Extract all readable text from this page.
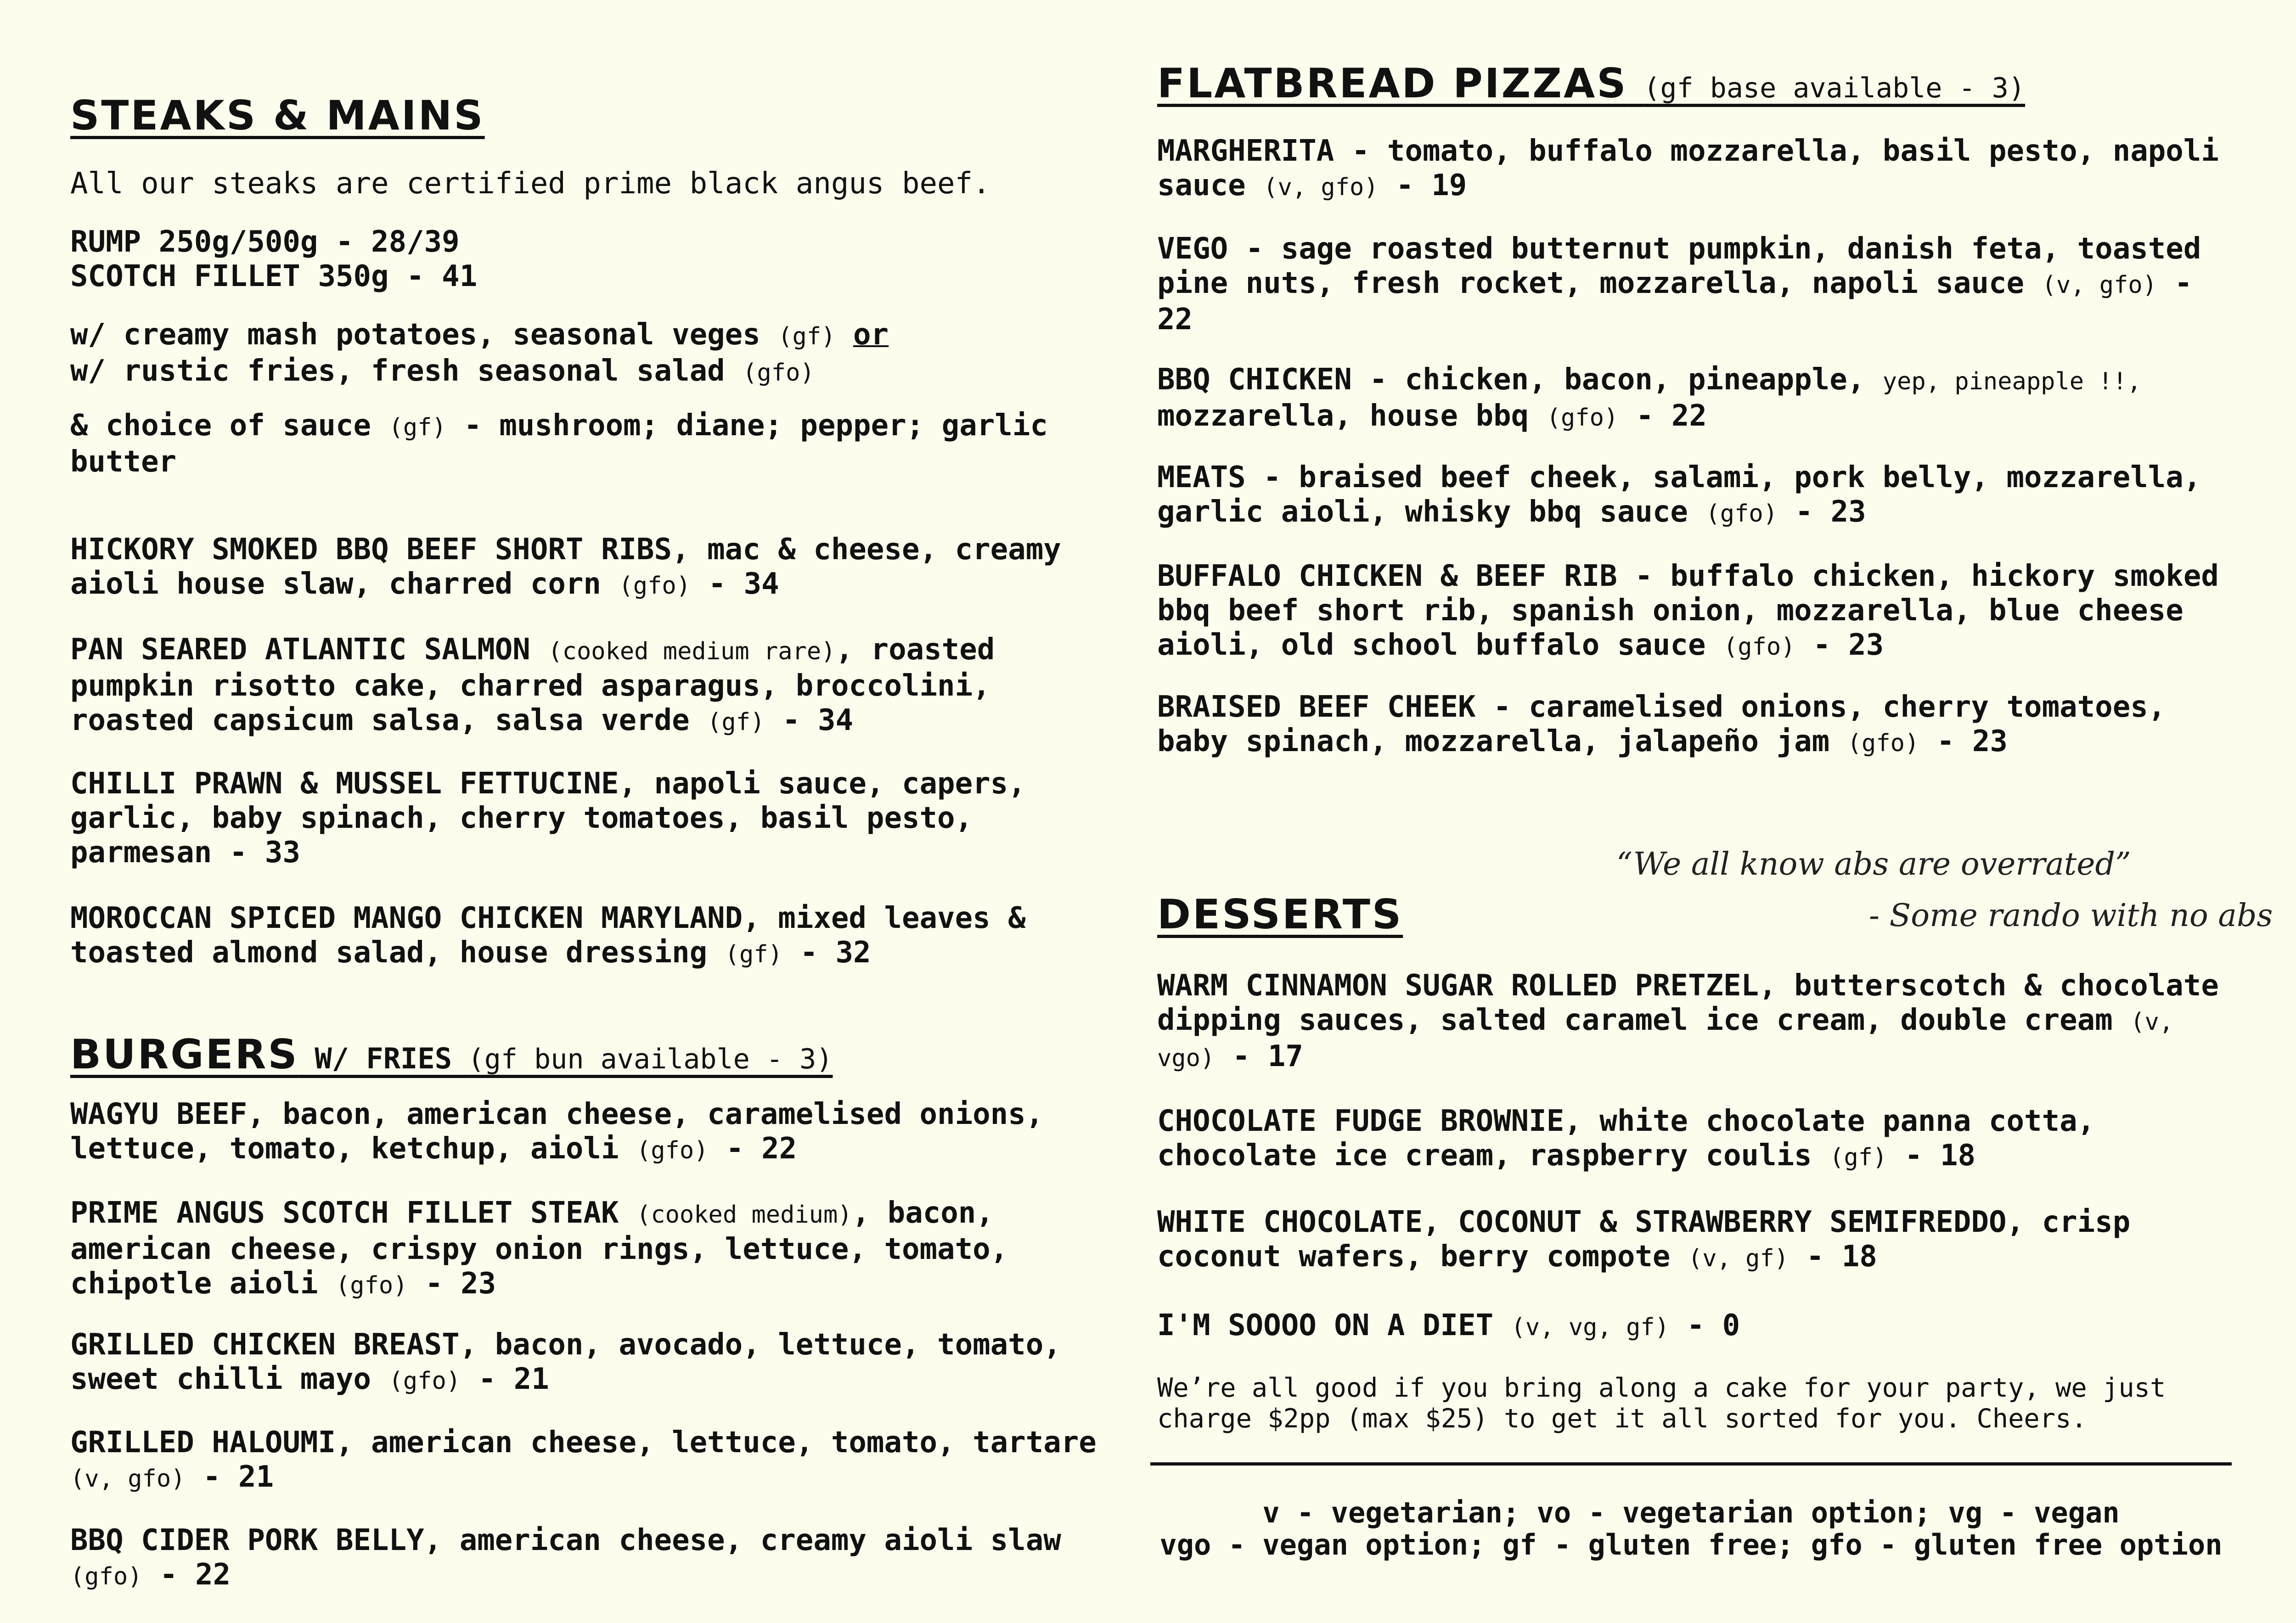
STEAKS & MAINS

All our steaks are certified prime black angus beef.

RUMP 250g/500g - 28/39

SCOTCH FILLET 350g - 41

w/ creamy mash potatoes, seasonal veges (gf) or
w/ rustic fries, fresh seasonal salad (gfo)

& choice of sauce (gf) - mushroom; diane; pepper; garlic butter

HICKORY SMOKED BBQ BEEF SHORT RIBS, mac & cheese, creamy aioli house slaw, charred corn (gfo) - 34

PAN SEARED ATLANTIC SALMON (cooked medium rare), roasted pumpkin risotto cake, charred asparagus, broccolini, roasted capsicum salsa, salsa verde (gf) - 34

CHILLI PRAWN & MUSSEL FETTUCINE, napoli sauce, capers, garlic, baby spinach, cherry tomatoes, basil pesto, parmesan - 33

MOROCCAN SPICED MANGO CHICKEN MARYLAND, mixed leaves & toasted almond salad, house dressing (gf) - 32

BURGERS W/ FRIES (gf bun available - 3)

WAGYU BEEF, bacon, american cheese, caramelised onions, lettuce, tomato, ketchup, aioli (gfo) - 22

PRIME ANGUS SCOTCH FILLET STEAK (cooked medium), bacon, american cheese, crispy onion rings, lettuce, tomato, chipotle aioli (gfo) - 23

GRILLED CHICKEN BREAST, bacon, avocado, lettuce, tomato, sweet chilli mayo (gfo) - 21

GRILLED HALOUMI, american cheese, lettuce, tomato, tartare (v, gfo) - 21

BBQ CIDER PORK BELLY, american cheese, creamy aioli slaw (gfo) - 22

FLATBREAD PIZZAS (gf base available - 3)

MARGHERITA - tomato, buffalo mozzarella, basil pesto, napoli sauce (v, gfo) - 19

VEGO - sage roasted butternut pumpkin, danish feta, toasted pine nuts, fresh rocket, mozzarella, napoli sauce (v, gfo) - 22

BBQ CHICKEN - chicken, bacon, pineapple, yep, pineapple !!, mozzarella, house bbq (gfo) - 22

MEATS - braised beef cheek, salami, pork belly, mozzarella, garlic aioli, whisky bbq sauce (gfo) - 23

BUFFALO CHICKEN & BEEF RIB - buffalo chicken, hickory smoked bbq beef short rib, spanish onion, mozzarella, blue cheese aioli, old school buffalo sauce (gfo) - 23

BRAISED BEEF CHEEK - caramelised onions, cherry tomatoes, baby spinach, mozzarella, jalapeño jam (gfo) - 23

“We all know abs are overrated”

- Some rando with no abs

DESSERTS

WARM CINNAMON SUGAR ROLLED PRETZEL, butterscotch & chocolate dipping sauces, salted caramel ice cream, double cream (v, vgo) - 17

CHOCOLATE FUDGE BROWNIE, white chocolate panna cotta, chocolate ice cream, raspberry coulis (gf) - 18

WHITE CHOCOLATE, COCONUT & STRAWBERRY SEMIFREDDO, crisp coconut wafers, berry compote (v, gf) - 18

I'M SOOOO ON A DIET (v, vg, gf) - 0

We’re all good if you bring along a cake for your party, we just charge $2pp (max $25) to get it all sorted for you. Cheers.

v - vegetarian; vo - vegetarian option; vg - vegan

vgo - vegan option; gf - gluten free; gfo - gluten free option
